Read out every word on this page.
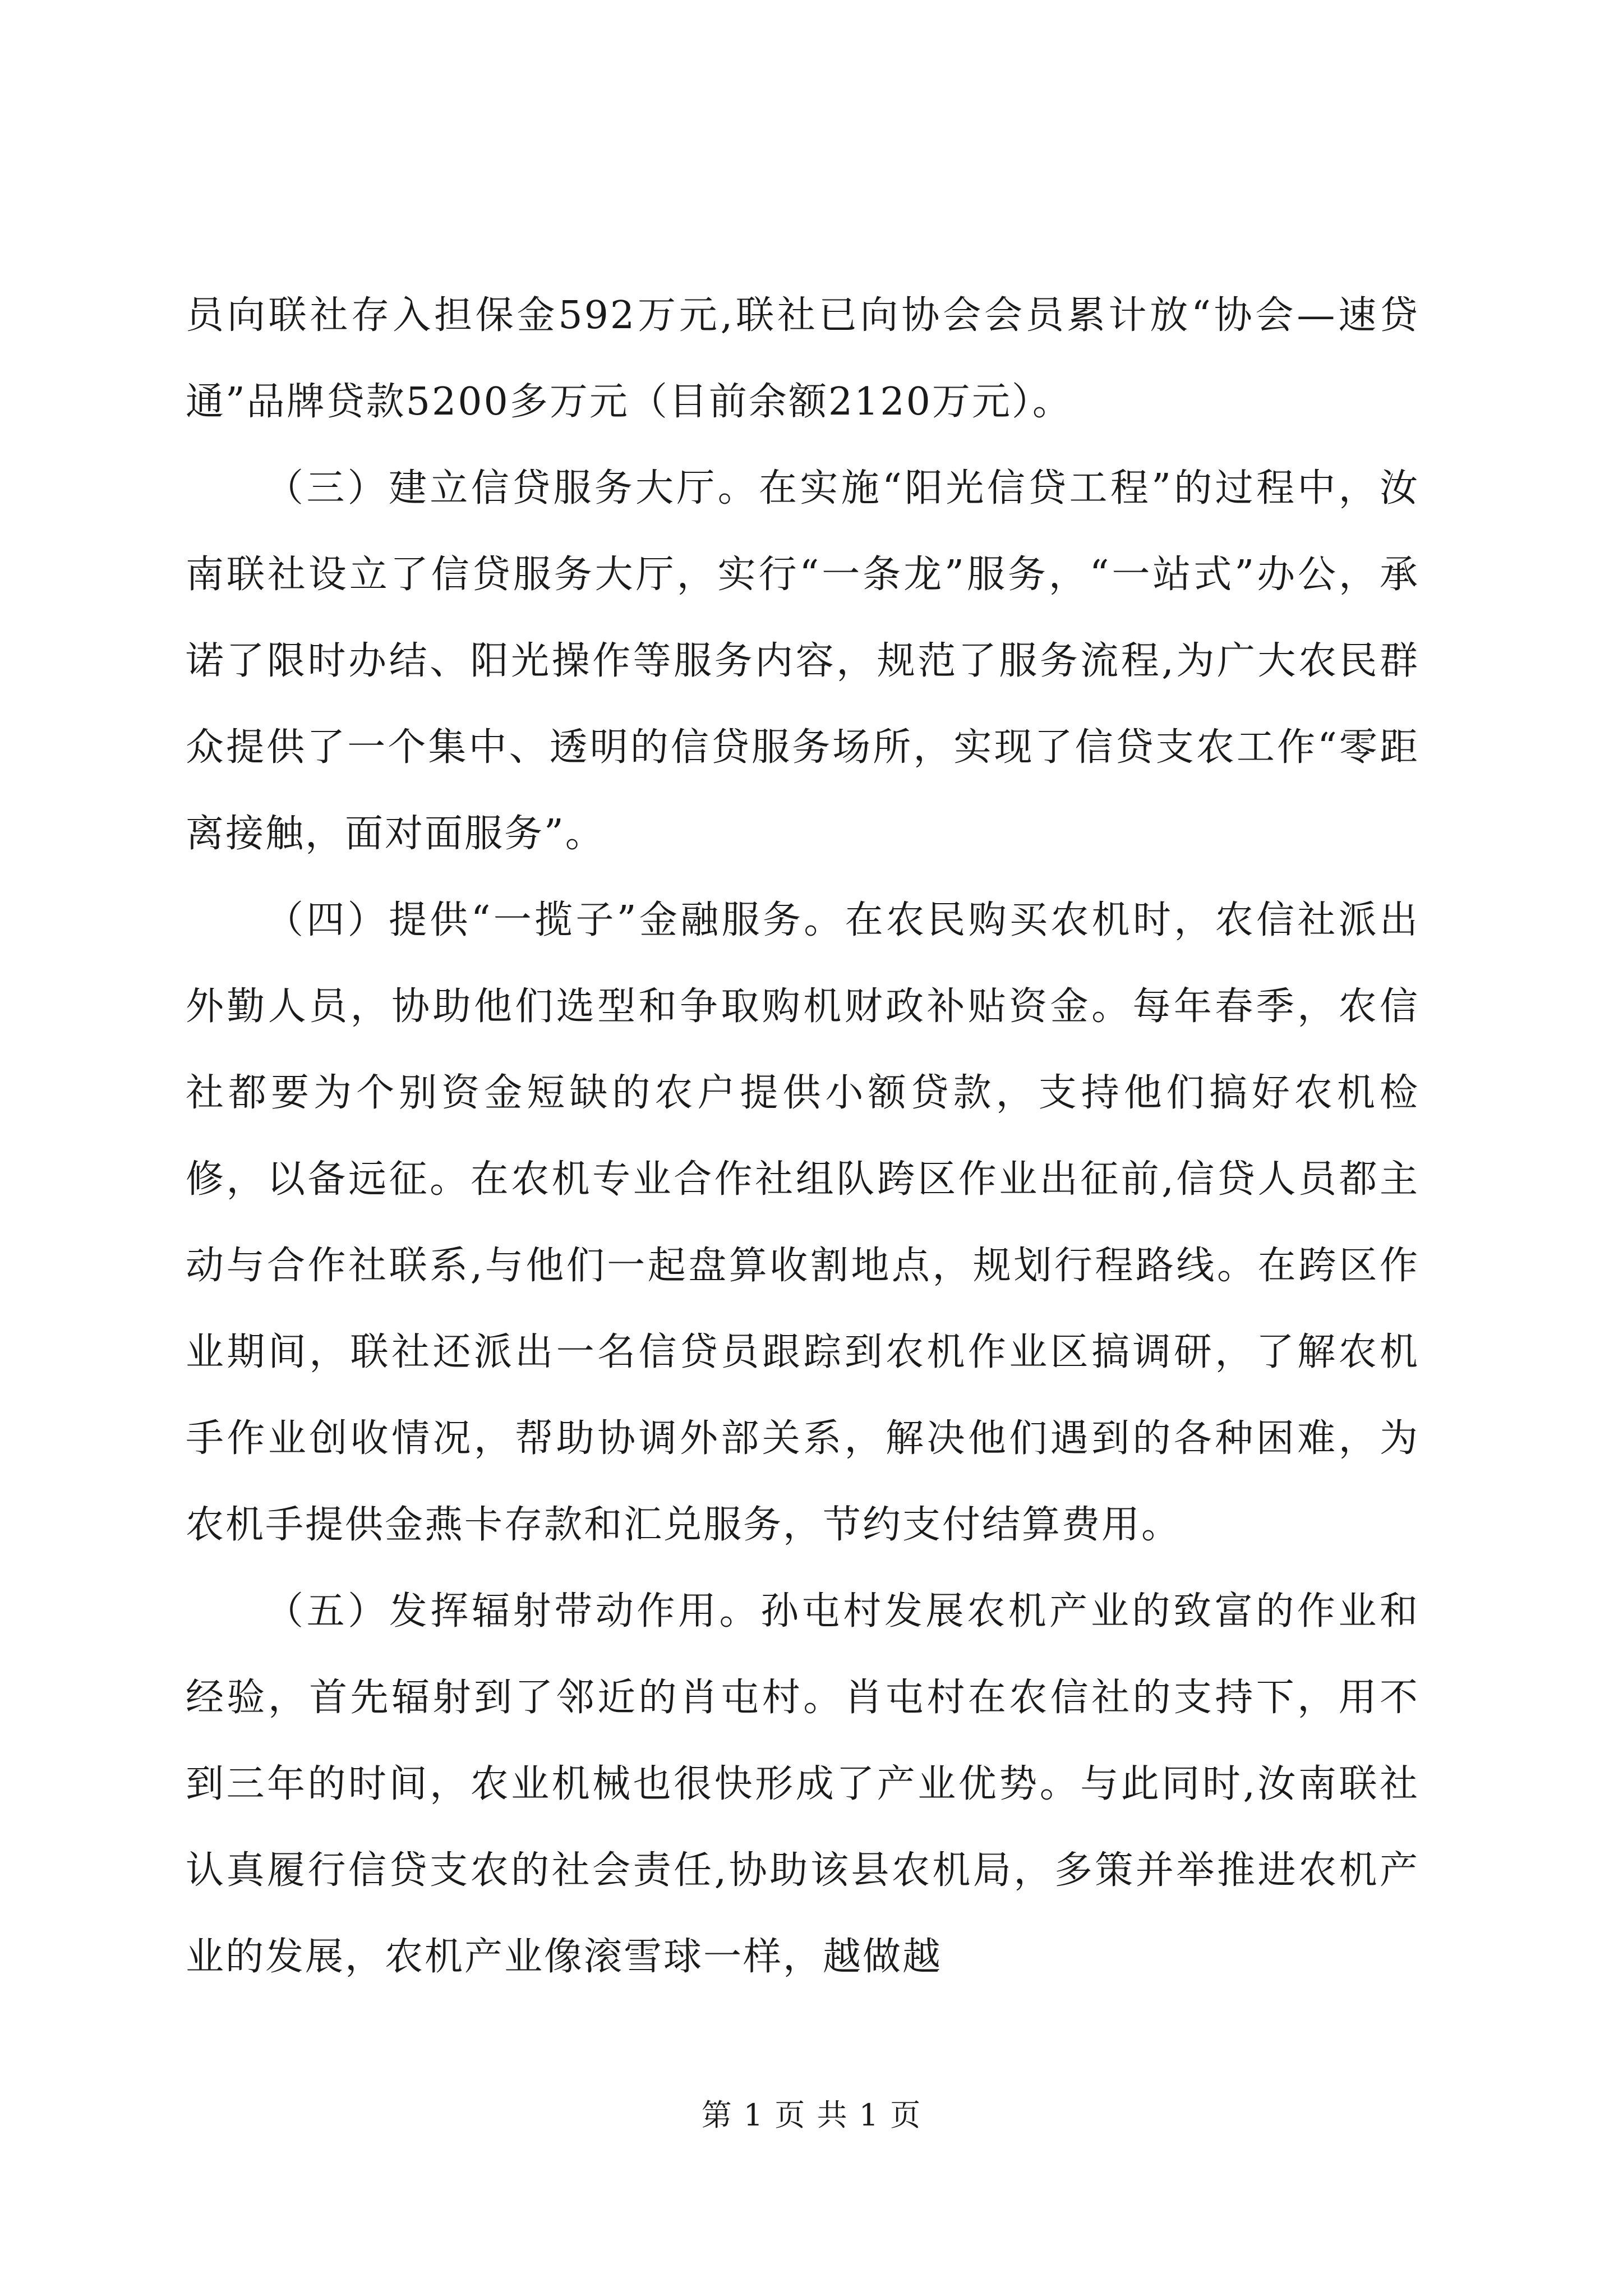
员向联社存入担保金592万元,联社已向协会会员累计放“协会—速贷通”品牌贷款5200多万元（目前余额2120万元）。

（三）建立信贷服务大厅。在实施“阳光信贷工程”的过程中，汝南联社设立了信贷服务大厅，实行“一条龙”服务，“一站式”办公，承诺了限时办结、阳光操作等服务内容，规范了服务流程,为广大农民群众提供了一个集中、透明的信贷服务场所，实现了信贷支农工作“零距离接触，面对面服务”。

（四）提供“一揽子”金融服务。在农民购买农机时，农信社派出外勤人员，协助他们选型和争取购机财政补贴资金。每年春季，农信社都要为个别资金短缺的农户提供小额贷款，支持他们搞好农机检修，以备远征。在农机专业合作社组队跨区作业出征前,信贷人员都主动与合作社联系,与他们一起盘算收割地点，规划行程路线。在跨区作业期间，联社还派出一名信贷员跟踪到农机作业区搞调研，了解农机手作业创收情况，帮助协调外部关系，解决他们遇到的各种困难，为农机手提供金燕卡存款和汇兑服务，节约支付结算费用。

（五）发挥辐射带动作用。孙屯村发展农机产业的致富的作业和经验，首先辐射到了邻近的肖屯村。肖屯村在农信社的支持下，用不到三年的时间，农业机械也很快形成了产业优势。与此同时,汝南联社认真履行信贷支农的社会责任,协助该县农机局，多策并举推进农机产业的发展，农机产业像滚雪球一样，越做越

第 1 页 共 1 页
